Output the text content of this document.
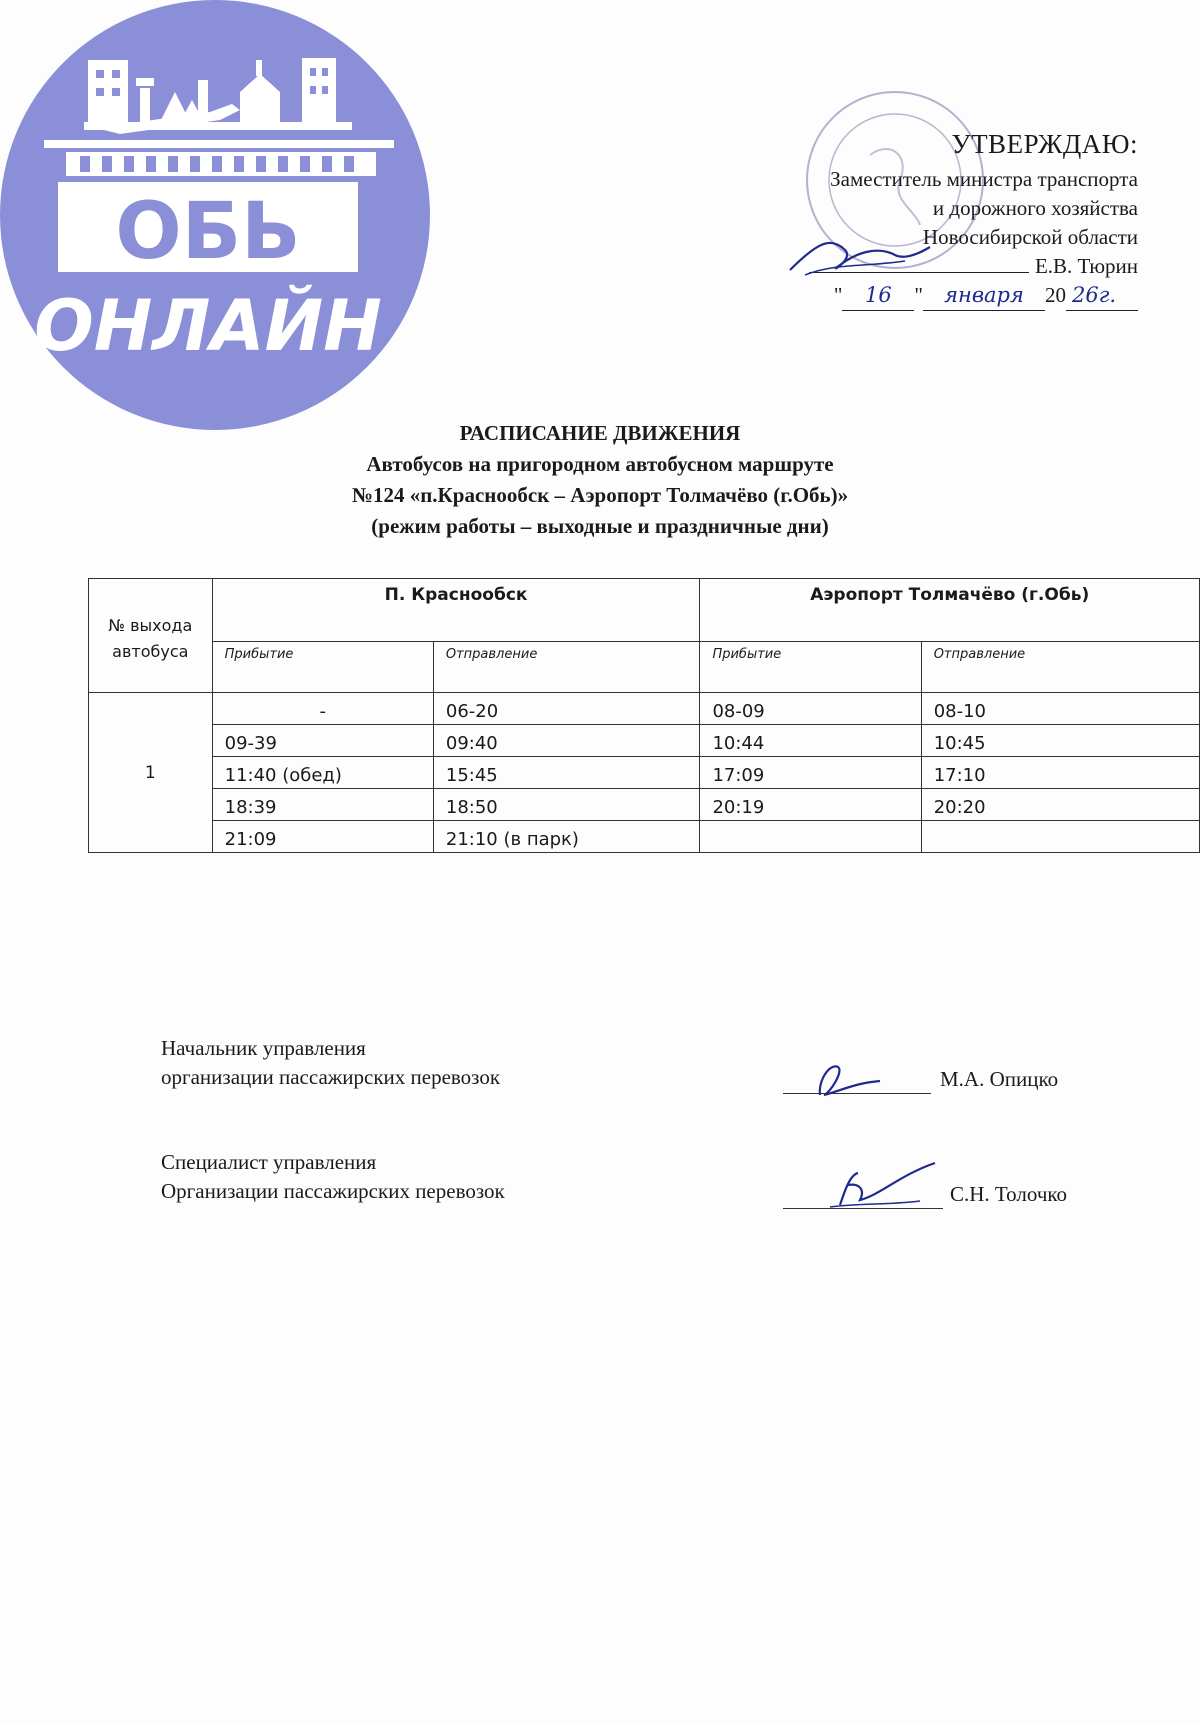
ОБЬ
ОНЛАЙН
УТВЕРЖДАЮ:
Заместитель министра транспорта
и дорожного хозяйства
Новосибирской области
Е.В. Тюрин
" 16 " января 20 26г.
РАСПИСАНИЕ ДВИЖЕНИЯ
Автобусов на пригородном автобусном маршруте
№124 «п.Краснообск – Аэропорт Толмачёво (г.Обь)»
(режим работы – выходные и праздничные дни)
№ выхода
автобуса	П. Краснообск		Аэропорт Толмачёво (г.Обь)	
	Прибытие	Отправление	Прибытие	Отправление
1	-	06-20	08-09	08-10
	09-39	09:40	10:44	10:45
	11:40 (обед)	15:45	17:09	17:10
	18:39	18:50	20:19	20:20
	21:09	21:10 (в парк)		
Начальник управления
организации пассажирских перевозок	М.А. Опицко
Специалист управления
Организации пассажирских перевозок	С.Н. Толочко
